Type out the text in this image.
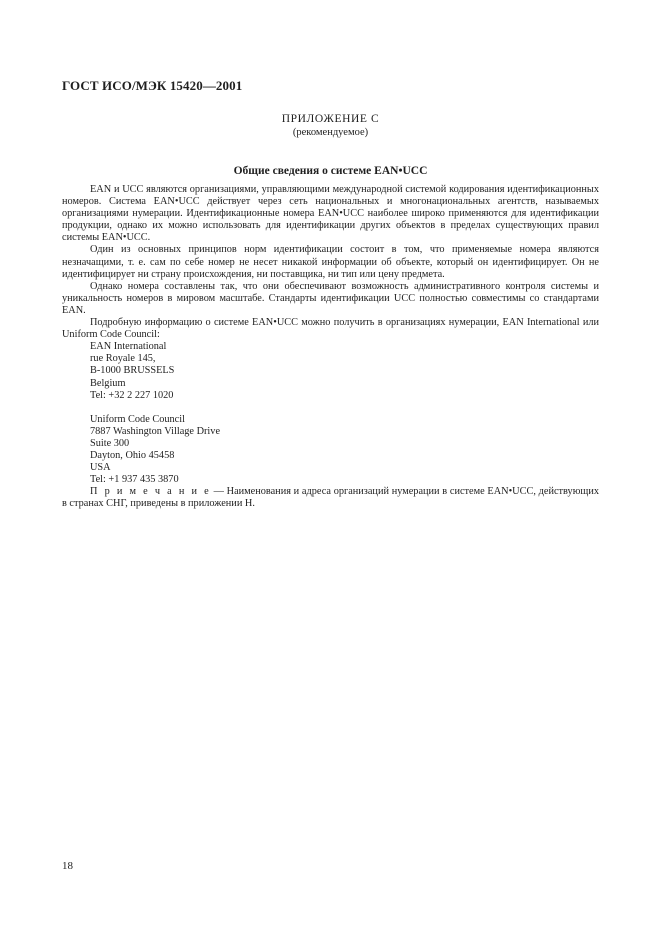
ГОСТ ИСО/МЭК 15420—2001
ПРИЛОЖЕНИЕ С
(рекомендуемое)
Общие сведения о системе EAN•UCC

EAN и UCC являются организациями, управляющими международной системой кодирования идентификационных номеров. Система EAN•UCC действует через сеть национальных и многонациональных агентств, называемых организациями нумерации. Идентификационные номера EAN•UCC наиболее широко применяются для идентификации продукции, однако их можно использовать для идентификации других объектов в пределах существующих правил системы EAN•UCC.

Один из основных принципов норм идентификации состоит в том, что применяемые номера являются незначащими, т. е. сам по себе номер не несет никакой информации об объекте, который он идентифицирует. Он не идентифицирует ни страну происхождения, ни поставщика, ни тип или цену предмета.

Однако номера составлены так, что они обеспечивают возможность административного контроля системы и уникальность номеров в мировом масштабе. Стандарты идентификации UCC полностью совместимы со стандартами EAN.

Подробную информацию о системе EAN•UCC можно получить в организациях нумерации, EAN International или Uniform Code Council:

EAN International
rue Royale 145,
B-1000 BRUSSELS
Belgium
Tel: +32 2 227 1020
Uniform Code Council
7887 Washington Village Drive
Suite 300
Dayton, Ohio 45458
USA
Tel: +1 937 435 3870

П р и м е ч а н и е — Наименования и адреса организаций нумерации в системе EAN•UCC, действующих в странах СНГ, приведены в приложении Н.

18
